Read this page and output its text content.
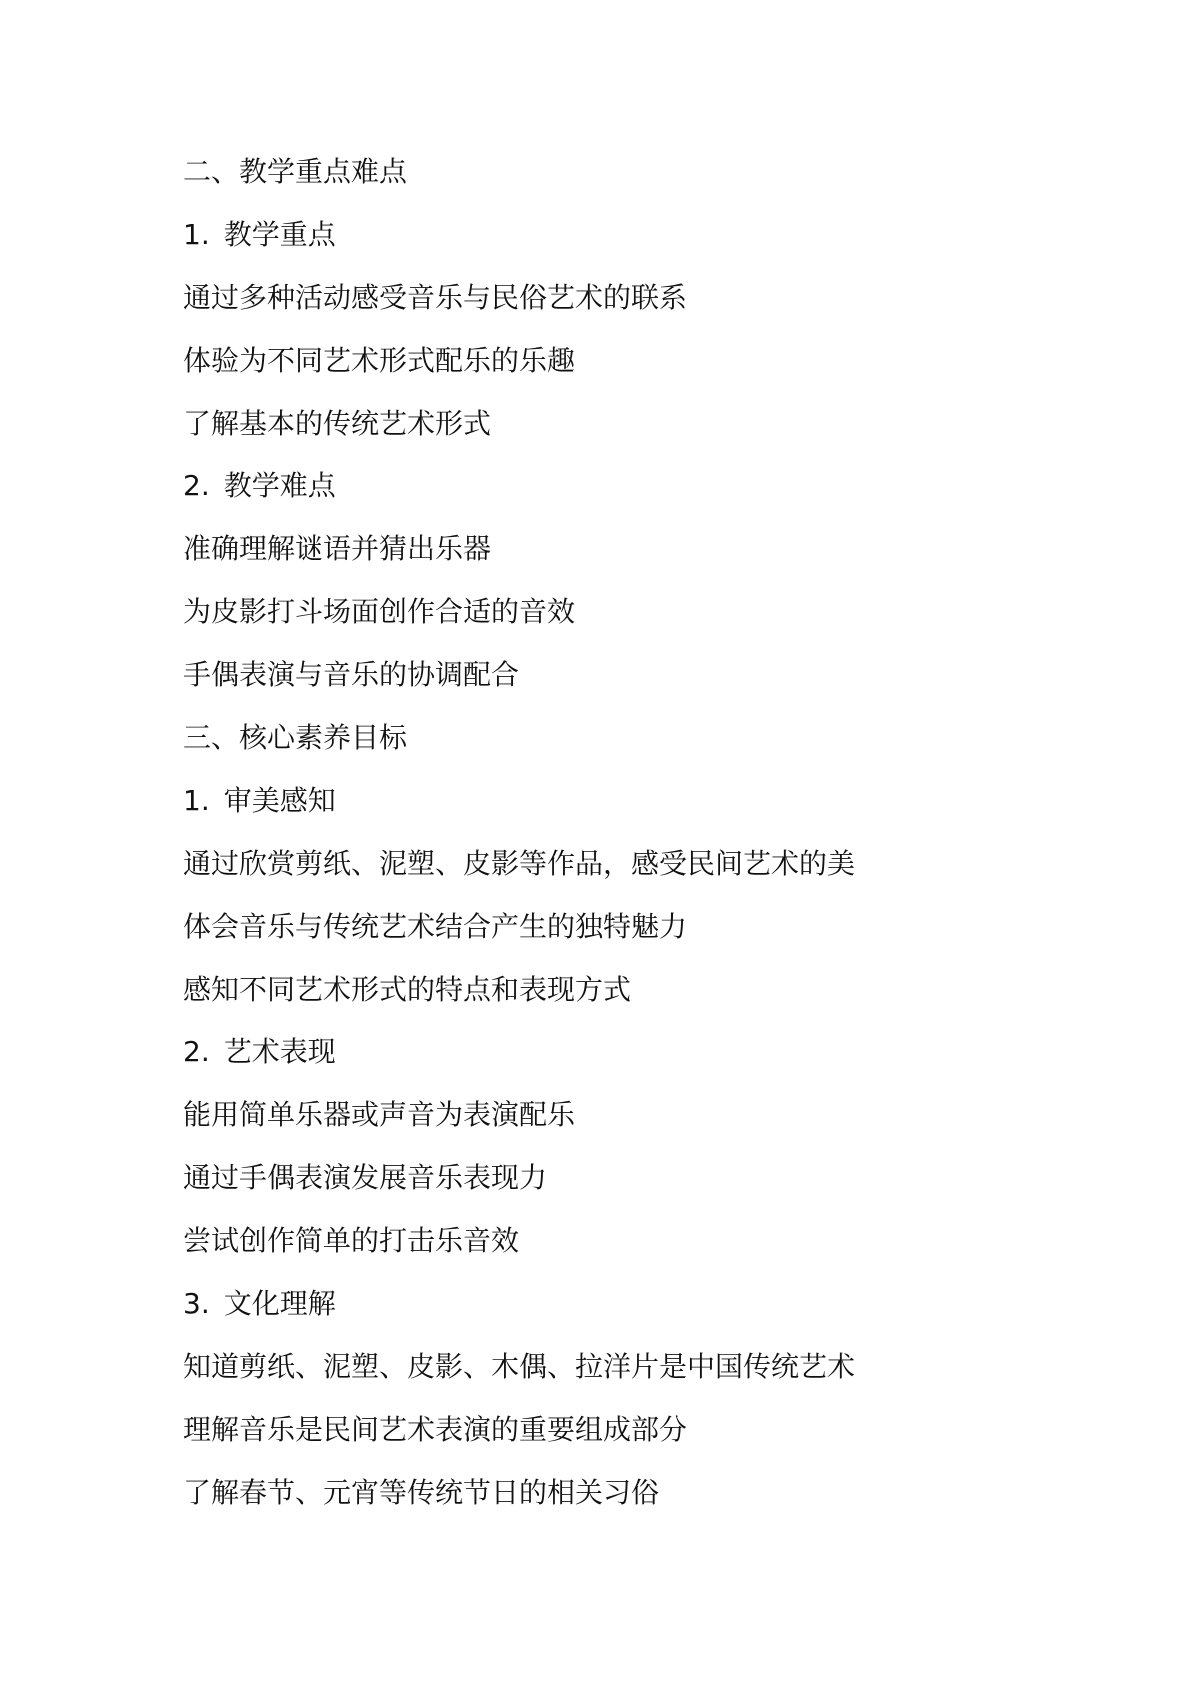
二、教学重点难点
1. 教学重点
通过多种活动感受音乐与民俗艺术的联系
体验为不同艺术形式配乐的乐趣
了解基本的传统艺术形式
2. 教学难点
准确理解谜语并猜出乐器
为皮影打斗场面创作合适的音效
手偶表演与音乐的协调配合
三、核心素养目标
1. 审美感知
通过欣赏剪纸、泥塑、皮影等作品，感受民间艺术的美
体会音乐与传统艺术结合产生的独特魅力
感知不同艺术形式的特点和表现方式
2. 艺术表现
能用简单乐器或声音为表演配乐
通过手偶表演发展音乐表现力
尝试创作简单的打击乐音效
3. 文化理解
知道剪纸、泥塑、皮影、木偶、拉洋片是中国传统艺术
理解音乐是民间艺术表演的重要组成部分
了解春节、元宵等传统节日的相关习俗
